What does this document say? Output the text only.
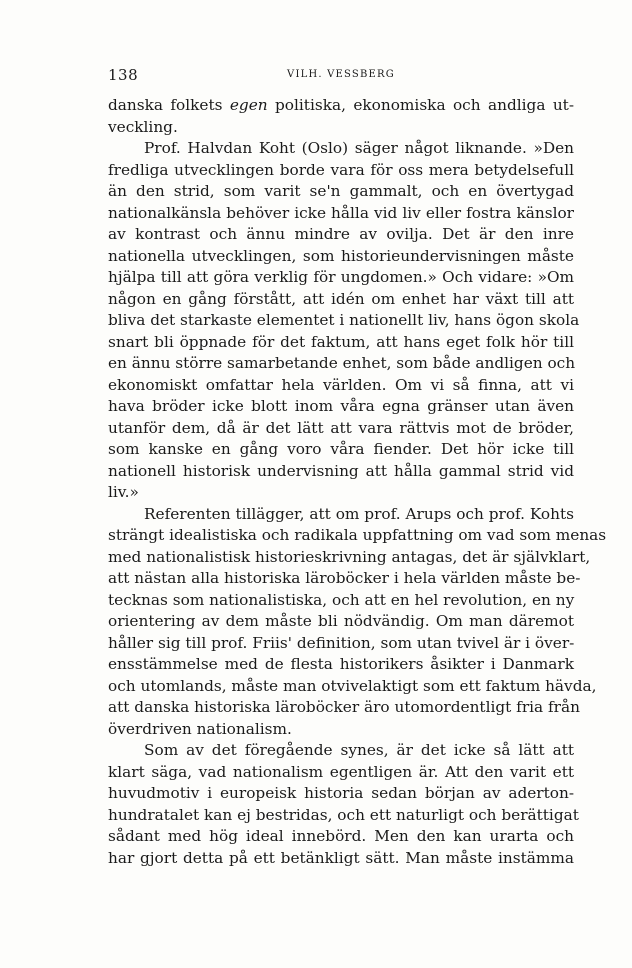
138	VILH. VESSBERG
danska folkets egen politiska, ekonomiska och andliga ut-
veckling.
Prof. Halvdan Koht (Oslo) säger något liknande. »Den
fredliga utvecklingen borde vara för oss mera betydelsefull
än den strid, som varit se'n gammalt, och en övertygad
nationalkänsla behöver icke hålla vid liv eller fostra känslor
av kontrast och ännu mindre av ovilja. Det är den inre
nationella utvecklingen, som historieundervisningen måste
hjälpa till att göra verklig för ungdomen.» Och vidare: »Om
någon en gång förstått, att idén om enhet har växt till att
bliva det starkaste elementet i nationellt liv, hans ögon skola
snart bli öppnade för det faktum, att hans eget folk hör till
en ännu större samarbetande enhet, som både andligen och
ekonomiskt omfattar hela världen. Om vi så finna, att vi
hava bröder icke blott inom våra egna gränser utan även
utanför dem, då är det lätt att vara rättvis mot de bröder,
som kanske en gång voro våra fiender. Det hör icke till
nationell historisk undervisning att hålla gammal strid vid
liv.»
Referenten tillägger, att om prof. Arups och prof. Kohts
strängt idealistiska och radikala uppfattning om vad som menas
med nationalistisk historieskrivning antagas, det är självklart,
att nästan alla historiska läroböcker i hela världen måste be-
tecknas som nationalistiska, och att en hel revolution, en ny
orientering av dem måste bli nödvändig. Om man däremot
håller sig till prof. Friis' definition, som utan tvivel är i över-
ensstämmelse med de flesta historikers åsikter i Danmark
och utomlands, måste man otvivelaktigt som ett faktum hävda,
att danska historiska läroböcker äro utomordentligt fria från
överdriven nationalism.
Som av det föregående synes, är det icke så lätt att
klart säga, vad nationalism egentligen är. Att den varit ett
huvudmotiv i europeisk historia sedan början av aderton-
hundratalet kan ej bestridas, och ett naturligt och berättigat
sådant med hög ideal innebörd. Men den kan urarta och
har gjort detta på ett betänkligt sätt. Man måste instämma
